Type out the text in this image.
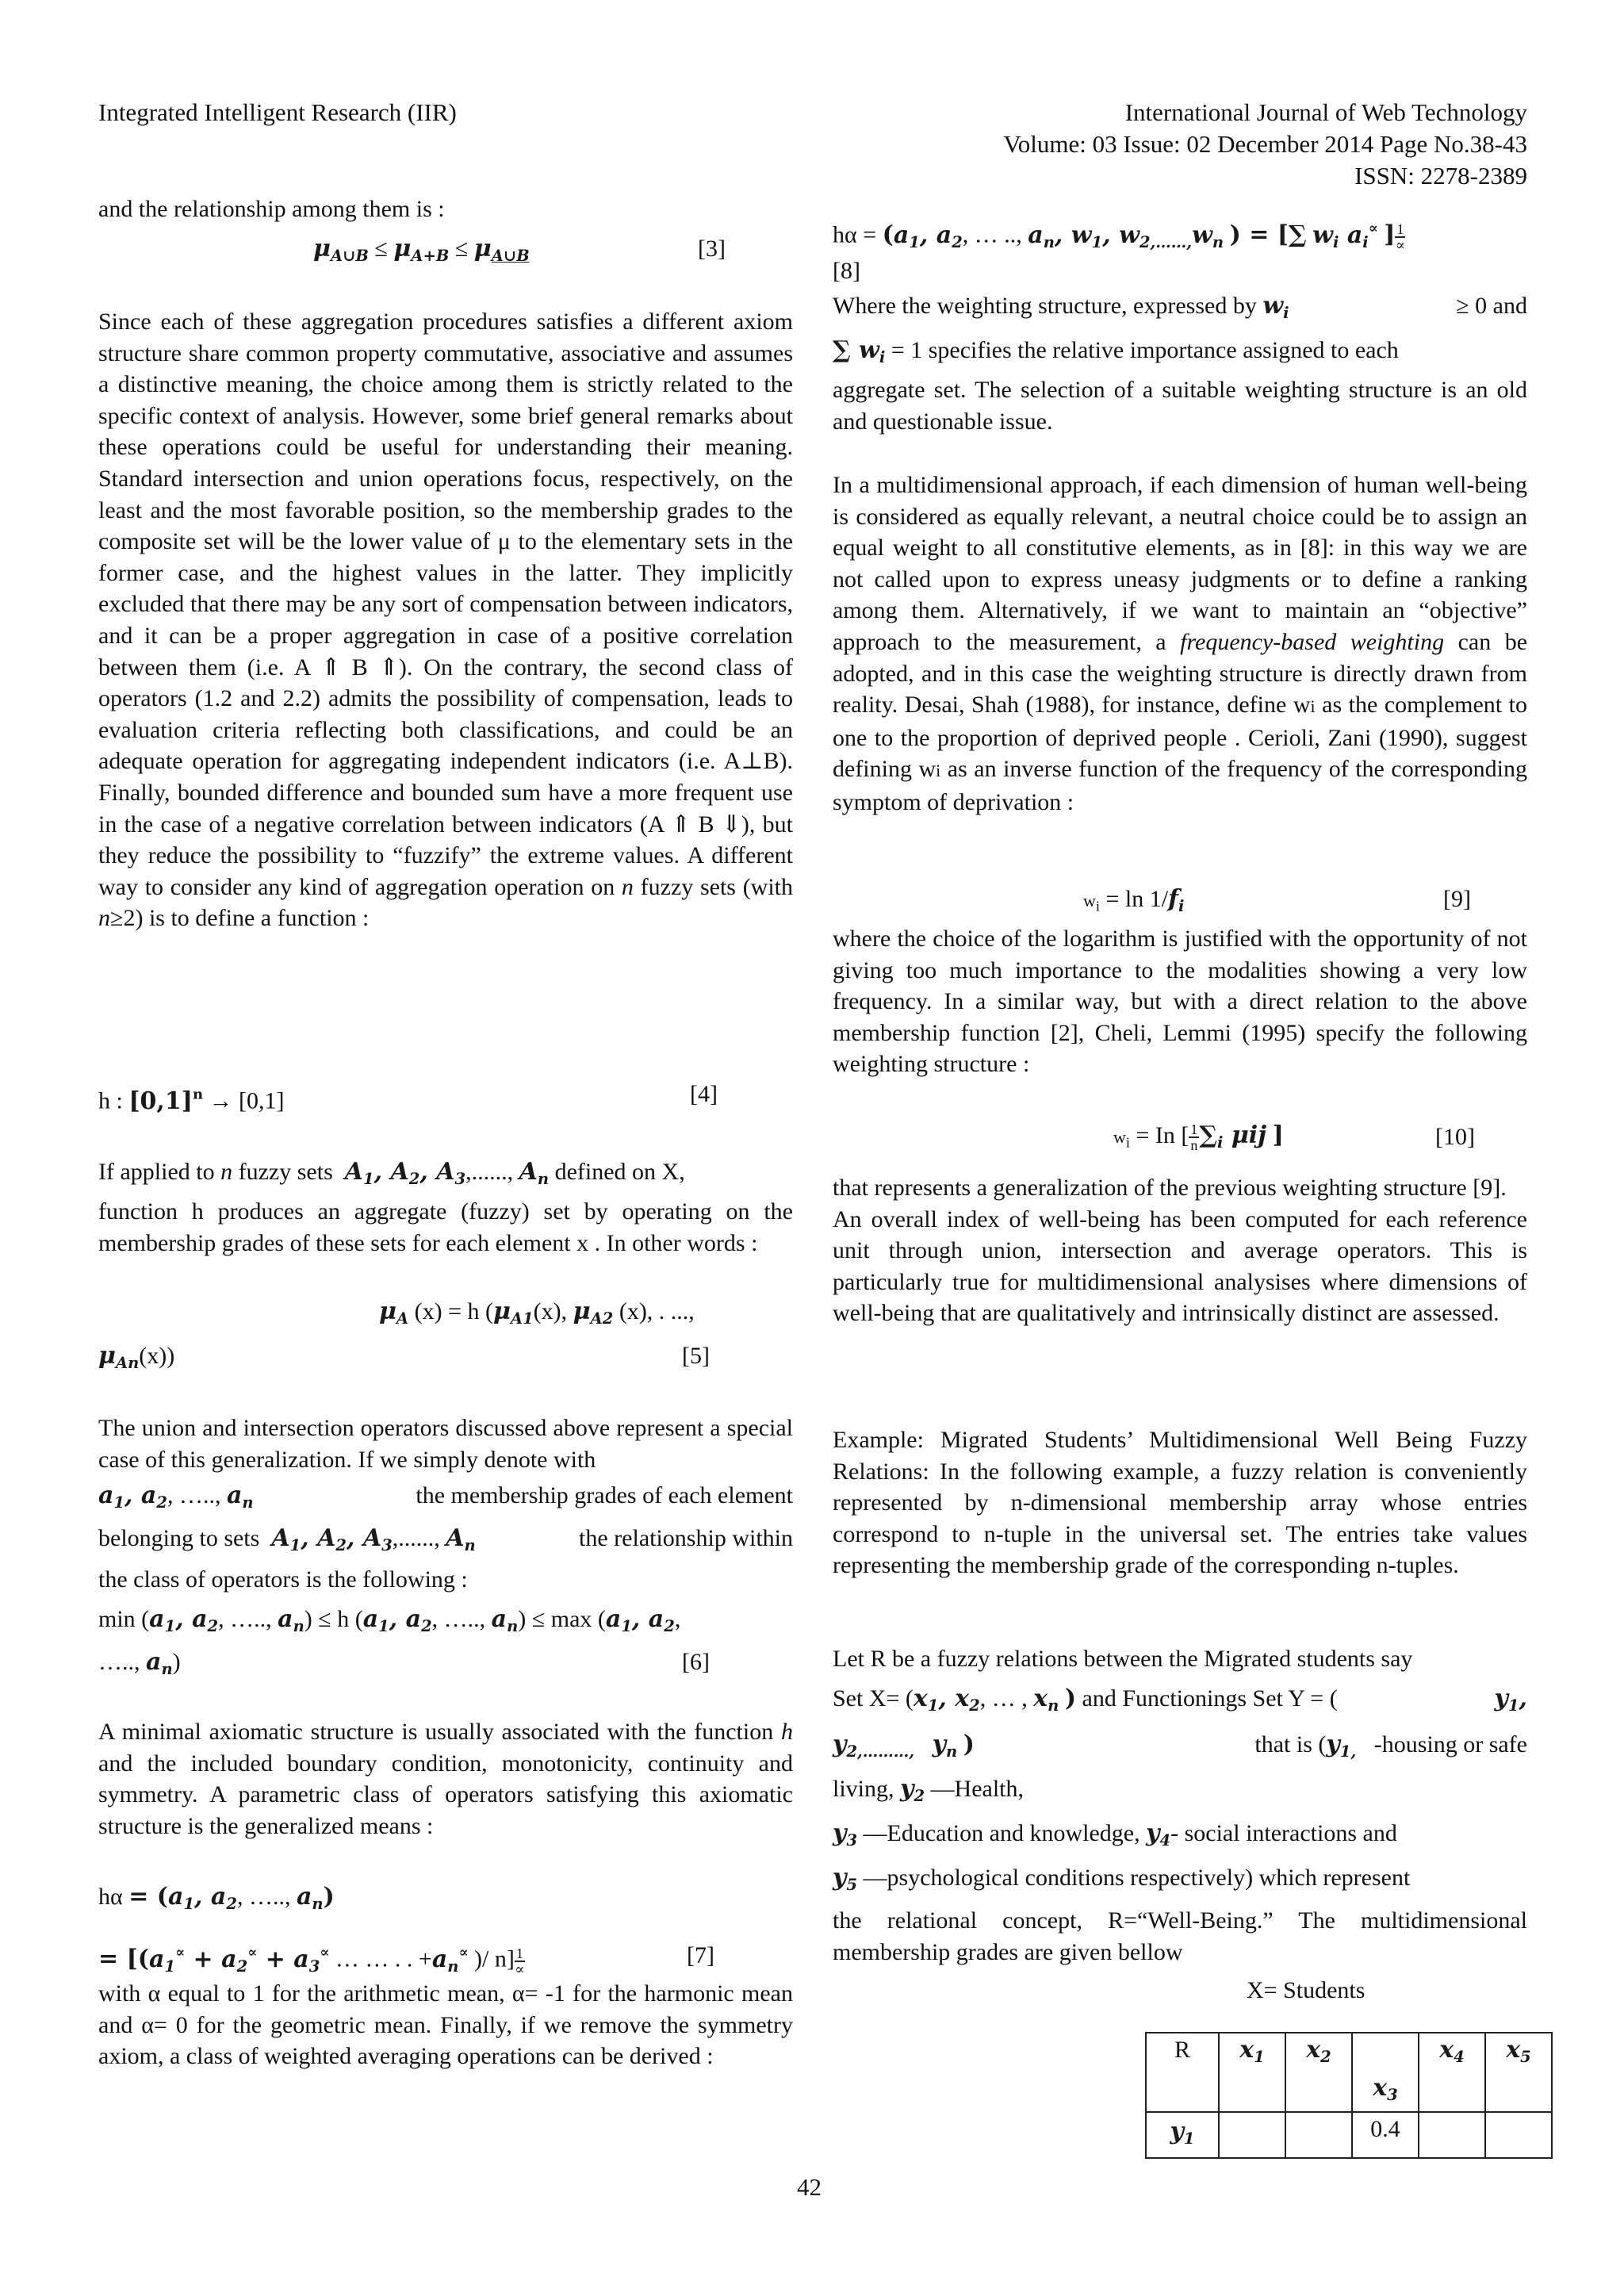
Integrated Intelligent Research (IIR)	International Journal of Web Technology
Volume: 03 Issue: 02 December 2014 Page No.38-43
ISSN: 2278-2389

and the relationship among them is :

μA∪B ≤ μA+B ≤ μA∪B	[3]

Since each of these aggregation procedures satisfies a different axiom structure share common property commutative, associative and assumes a distinctive meaning, the choice among them is strictly related to the specific context of analysis. However, some brief general remarks about these operations could be useful for understanding their meaning. Standard intersection and union operations focus, respectively, on the least and the most favorable position, so the membership grades to the composite set will be the lower value of μ to the elementary sets in the former case, and the highest values in the latter. They implicitly excluded that there may be any sort of compensation between indicators, and it can be a proper aggregation in case of a positive correlation between them (i.e. A ⇑ B ⇑). On the contrary, the second class of operators (1.2 and 2.2) admits the possibility of compensation, leads to evaluation criteria reflecting both classifications, and could be an adequate operation for aggregating independent indicators (i.e. A⊥B). Finally, bounded difference and bounded sum have a more frequent use in the case of a negative correlation between indicators (A ⇑ B ⇓), but they reduce the possibility to “fuzzify” the extreme values. A different way to consider any kind of aggregation operation on n fuzzy sets (with n≥2) is to define a function :

h : $[0,1]^n \to [0,1]$	[4]
If applied to n fuzzy sets A1, A2, A3,......, An defined on X,

function h produces an aggregate (fuzzy) set by operating on the membership grades of these sets for each element x . In other words :

μA (x) = h (μA1(x), μA2 (x), . ...,
μAn(x))	[5]

The union and intersection operators discussed above represent a special case of this generalization. If we simply denote with

a1, a2, ….., an	the membership grades of each element
belonging to sets A1, A2, A3,......, An	the relationship within
the class of operators is the following :
min (a1, a2, ….., an) ≤ h (a1, a2, ….., an) ≤ max (a1, a2,
….., an)	[6]

A minimal axiomatic structure is usually associated with the function h and the included boundary condition, monotonicity, continuity and symmetry. A parametric class of operators satisfying this axiomatic structure is the generalized means :

hα = (a1, a2, ….., an)
= [(a1∝ + a2∝ + a3∝ … … . . +an∝ )/ $n] \frac{1}{\propto}$	[7]

with α equal to 1 for the arithmetic mean, α= -1 for the harmonic mean and α= 0 for the geometric mean. Finally, if we remove the symmetry axiom, a class of weighted averaging operations can be derived :

hα = (a1, a2, … .., an, w1, w2,……,wn ) = [∑ wi ai∝ ] $\frac{1}{\propto}$
[8]
Where the weighting structure, expressed by wi	≥ 0 and
∑ wi = 1 specifies the relative importance assigned to each

aggregate set. The selection of a suitable weighting structure is an old and questionable issue.

In a multidimensional approach, if each dimension of human well-being is considered as equally relevant, a neutral choice could be to assign an equal weight to all constitutive elements, as in [8]: in this way we are not called upon to express uneasy judgments or to define a ranking among them. Alternatively, if we want to maintain an “objective” approach to the measurement, a frequency-based weighting can be adopted, and in this case the weighting structure is directly drawn from reality. Desai, Shah (1988), for instance, define wi as the complement to one to the proportion of deprived people . Cerioli, Zani (1990), suggest defining wi as an inverse function of the frequency of the corresponding symptom of deprivation :

$w_i = \ln 1/fi$	[9]

where the choice of the logarithm is justified with the opportunity of not giving too much importance to the modalities showing a very low frequency. In a similar way, but with a direct relation to the above membership function [2], Cheli, Lemmi (1995) specify the following weighting structure :

$w_i = In$ [ $\frac{1}{n} \sum i$ μij ]	[10]

that represents a generalization of the previous weighting structure [9].

An overall index of well-being has been computed for each reference unit through union, intersection and average operators. This is particularly true for multidimensional analysises where dimensions of well-being that are qualitatively and intrinsically distinct are assessed.

Example: Migrated Students’ Multidimensional Well Being Fuzzy Relations: In the following example, a fuzzy relation is conveniently represented by n-dimensional membership array whose entries correspond to n-tuple in the universal set. The entries take values representing the membership grade of the corresponding n-tuples.

Let R be a fuzzy relations between the Migrated students say
Set X= (x1, x2, … , xn ) and Functionings Set Y = (	y1,
y2,………, yn )	that is (y1, -housing or safe
living, y2 —Health,
y3 —Education and knowledge, y4- social interactions and
y5 —psychological conditions respectively) which represent

the relational concept, R=“Well-Being.” The multidimensional membership grades are given bellow

X= Students
R	x1	x2	x3	x4	x5
y1			0.4		
42
